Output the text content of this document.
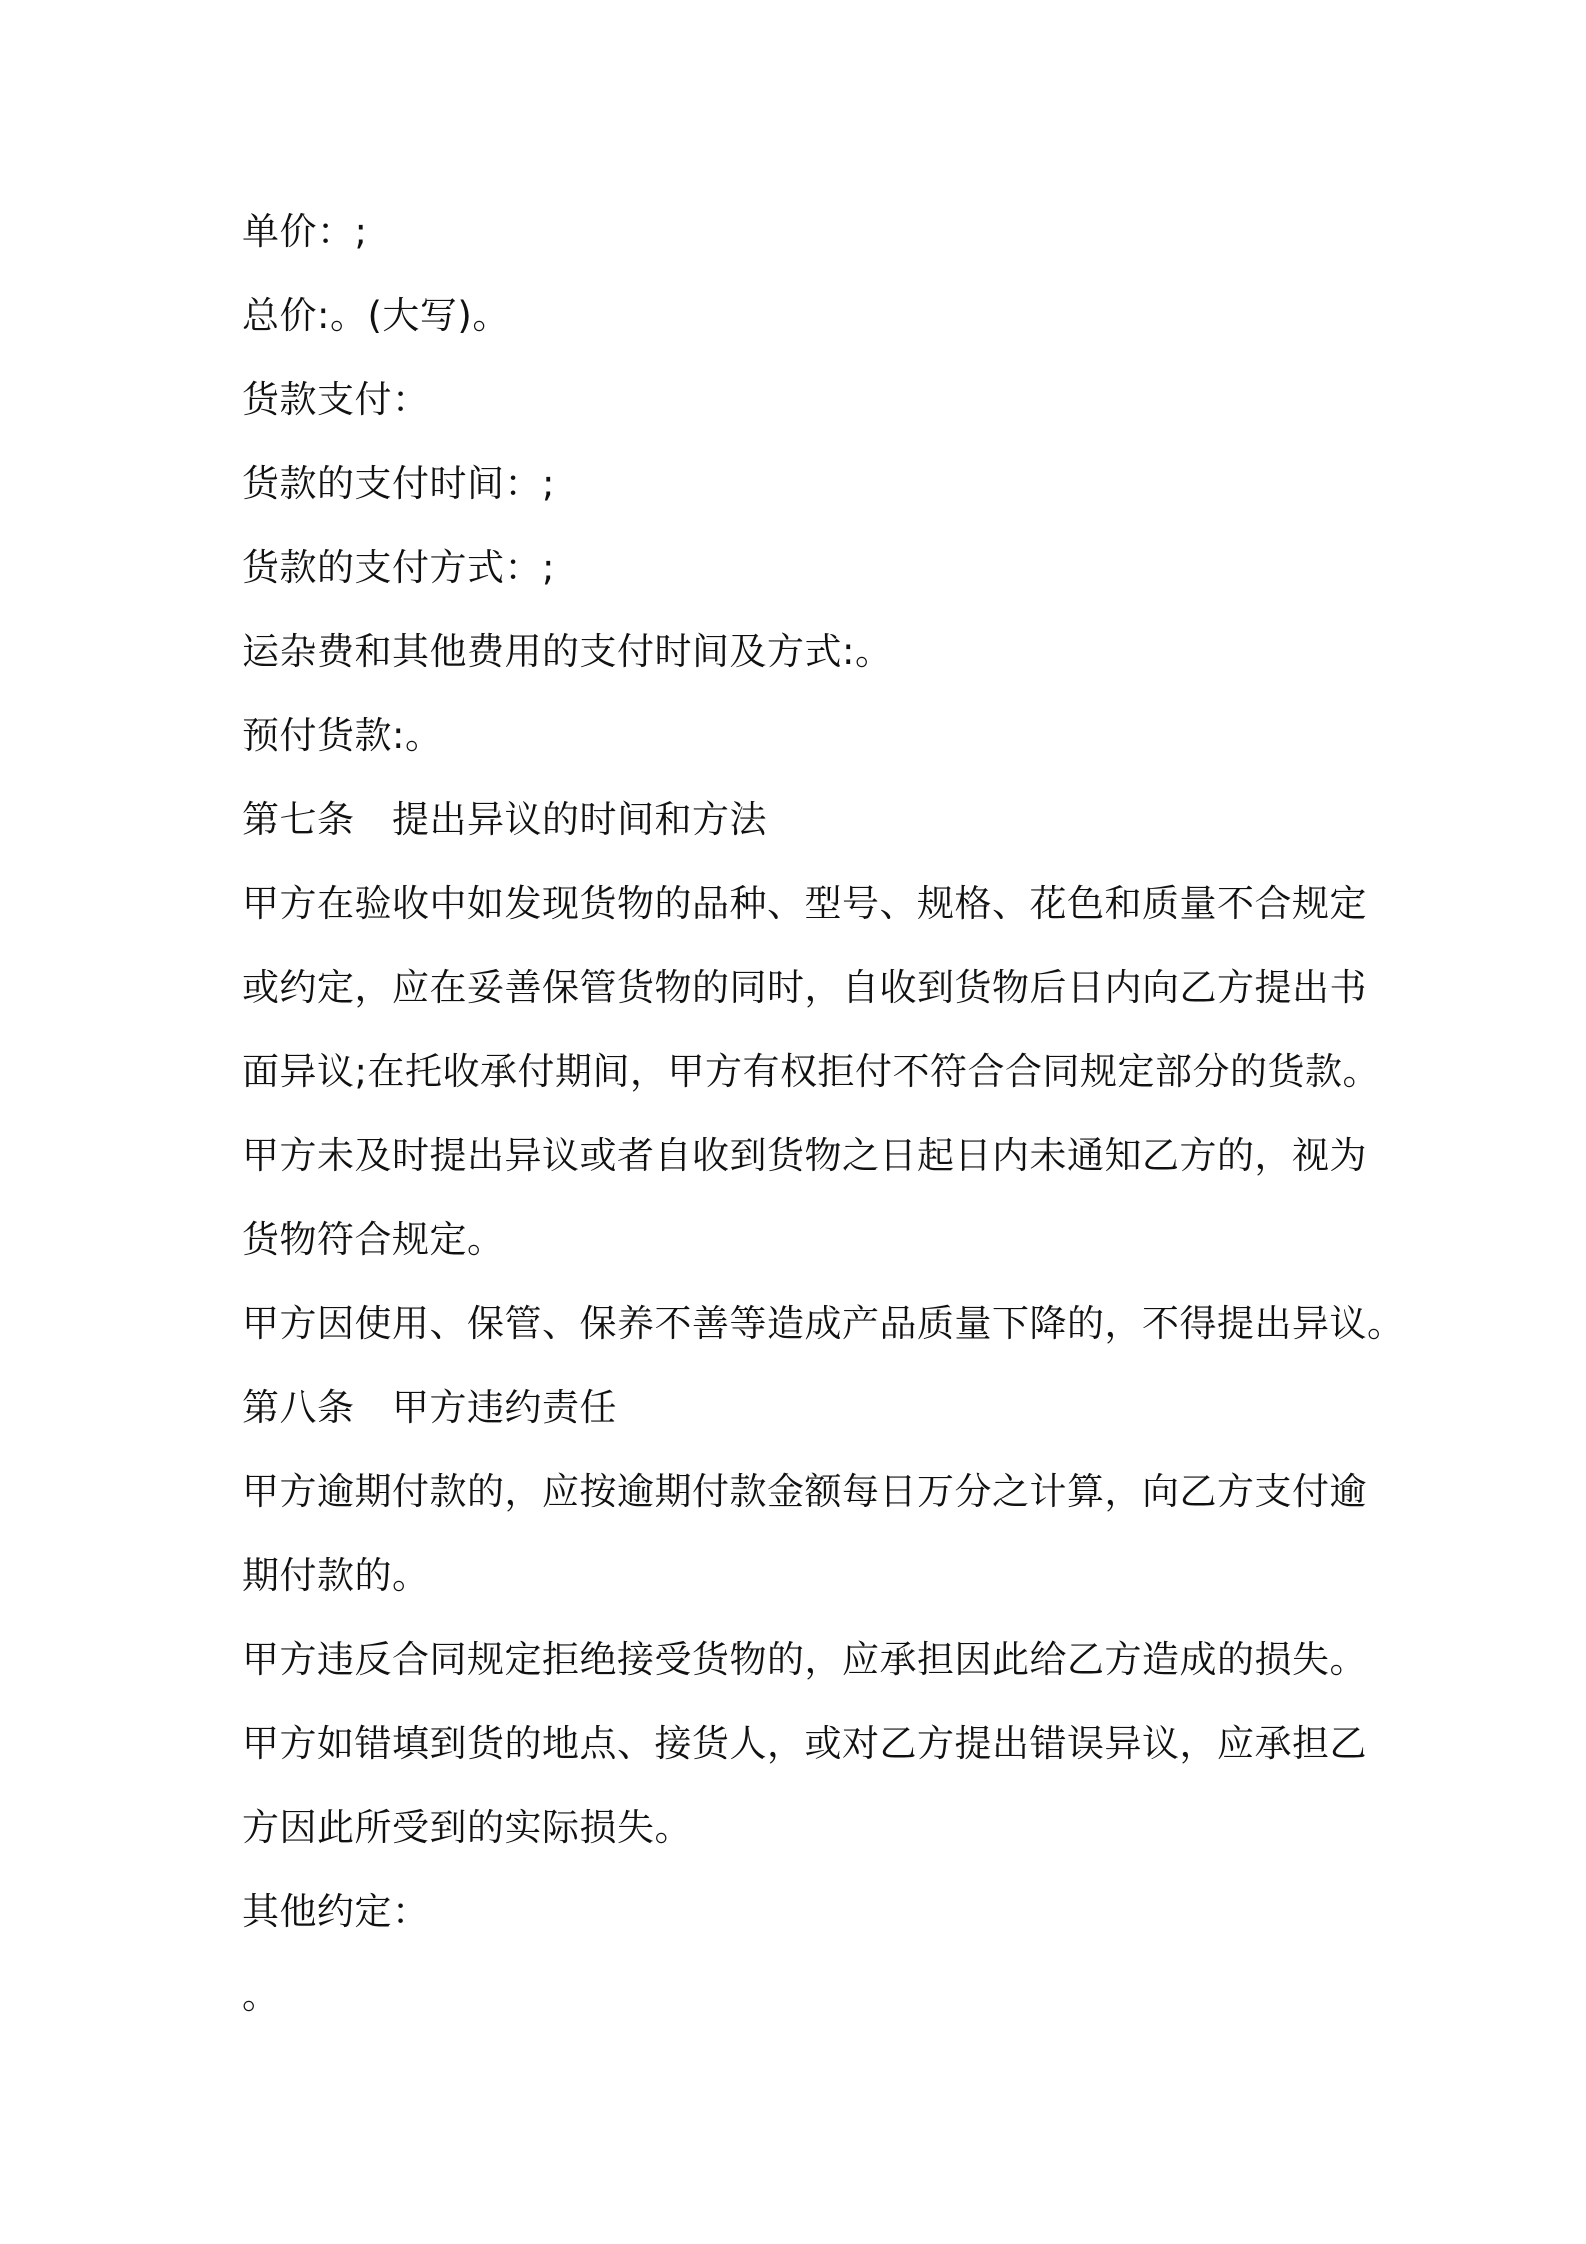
单价：;

总价:。(大写)。

货款支付：

货款的支付时间：;

货款的支付方式：;

运杂费和其他费用的支付时间及方式:。

预付货款:。

第七条 提出异议的时间和方法

甲方在验收中如发现货物的品种、型号、规格、花色和质量不合规定

或约定，应在妥善保管货物的同时，自收到货物后日内向乙方提出书

面异议;在托收承付期间，甲方有权拒付不符合合同规定部分的货款。

甲方未及时提出异议或者自收到货物之日起日内未通知乙方的，视为

货物符合规定。

甲方因使用、保管、保养不善等造成产品质量下降的，不得提出异议。

第八条 甲方违约责任

甲方逾期付款的，应按逾期付款金额每日万分之计算，向乙方支付逾

期付款的。

甲方违反合同规定拒绝接受货物的，应承担因此给乙方造成的损失。

甲方如错填到货的地点、接货人，或对乙方提出错误异议，应承担乙

方因此所受到的实际损失。

其他约定：

。
